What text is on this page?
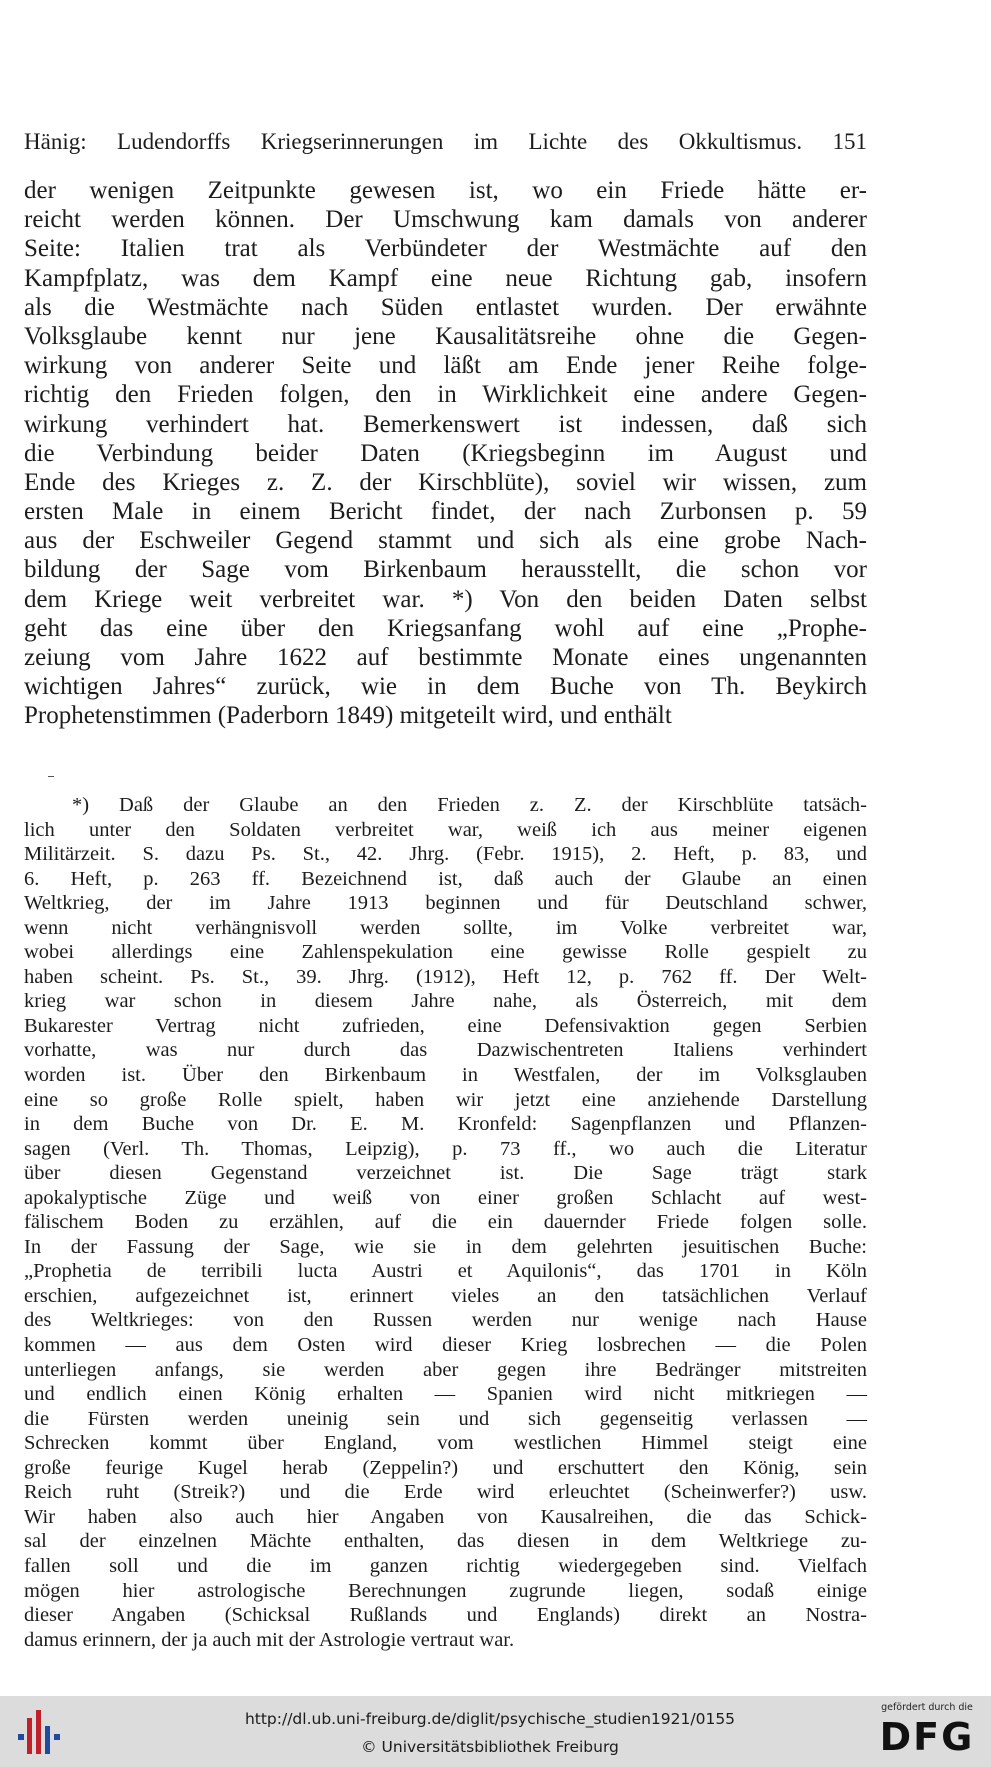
Hänig: Ludendorffs Kriegserinnerungen im Lichte des Okkultismus. 151
der wenigen Zeitpunkte gewesen ist, wo ein Friede hätte er-
reicht werden können. Der Umschwung kam damals von anderer
Seite: Italien trat als Verbündeter der Westmächte auf den
Kampfplatz, was dem Kampf eine neue Richtung gab, insofern
als die Westmächte nach Süden entlastet wurden. Der erwähnte
Volksglaube kennt nur jene Kausalitätsreihe ohne die Gegen-
wirkung von anderer Seite und läßt am Ende jener Reihe folge-
richtig den Frieden folgen, den in Wirklichkeit eine andere Gegen-
wirkung verhindert hat. Bemerkenswert ist indessen, daß sich
die Verbindung beider Daten (Kriegsbeginn im August und
Ende des Krieges z. Z. der Kirschblüte), soviel wir wissen, zum
ersten Male in einem Bericht findet, der nach Zurbonsen p. 59
aus der Eschweiler Gegend stammt und sich als eine grobe Nach-
bildung der Sage vom Birkenbaum herausstellt, die schon vor
dem Kriege weit verbreitet war. *) Von den beiden Daten selbst
geht das eine über den Kriegsanfang wohl auf eine „Prophe-
zeiung vom Jahre 1622 auf bestimmte Monate eines ungenannten
wichtigen Jahres“ zurück, wie in dem Buche von Th. Beykirch
Prophetenstimmen (Paderborn 1849) mitgeteilt wird, und enthält
*) Daß der Glaube an den Frieden z. Z. der Kirschblüte tatsäch-
lich unter den Soldaten verbreitet war, weiß ich aus meiner eigenen
Militärzeit. S. dazu Ps. St., 42. Jhrg. (Febr. 1915), 2. Heft, p. 83, und
6. Heft, p. 263 ff. Bezeichnend ist, daß auch der Glaube an einen
Weltkrieg, der im Jahre 1913 beginnen und für Deutschland schwer,
wenn nicht verhängnisvoll werden sollte, im Volke verbreitet war,
wobei allerdings eine Zahlenspekulation eine gewisse Rolle gespielt zu
haben scheint. Ps. St., 39. Jhrg. (1912), Heft 12, p. 762 ff. Der Welt-
krieg war schon in diesem Jahre nahe, als Österreich, mit dem
Bukarester Vertrag nicht zufrieden, eine Defensivaktion gegen Serbien
vorhatte, was nur durch das Dazwischentreten Italiens verhindert
worden ist. Über den Birkenbaum in Westfalen, der im Volksglauben
eine so große Rolle spielt, haben wir jetzt eine anziehende Darstellung
in dem Buche von Dr. E. M. Kronfeld: Sagenpflanzen und Pflanzen-
sagen (Verl. Th. Thomas, Leipzig), p. 73 ff., wo auch die Literatur
über diesen Gegenstand verzeichnet ist. Die Sage trägt stark
apokalyptische Züge und weiß von einer großen Schlacht auf west-
fälischem Boden zu erzählen, auf die ein dauernder Friede folgen solle.
In der Fassung der Sage, wie sie in dem gelehrten jesuitischen Buche:
„Prophetia de terribili lucta Austri et Aquilonis“, das 1701 in Köln
erschien, aufgezeichnet ist, erinnert vieles an den tatsächlichen Verlauf
des Weltkrieges: von den Russen werden nur wenige nach Hause
kommen — aus dem Osten wird dieser Krieg losbrechen — die Polen
unterliegen anfangs, sie werden aber gegen ihre Bedränger mitstreiten
und endlich einen König erhalten — Spanien wird nicht mitkriegen —
die Fürsten werden uneinig sein und sich gegenseitig verlassen —
Schrecken kommt über England, vom westlichen Himmel steigt eine
große feurige Kugel herab (Zeppelin?) und erschuttert den König, sein
Reich ruht (Streik?) und die Erde wird erleuchtet (Scheinwerfer?) usw.
Wir haben also auch hier Angaben von Kausalreihen, die das Schick-
sal der einzelnen Mächte enthalten, das diesen in dem Weltkriege zu-
fallen soll und die im ganzen richtig wiedergegeben sind. Vielfach
mögen hier astrologische Berechnungen zugrunde liegen, sodaß einige
dieser Angaben (Schicksal Rußlands und Englands) direkt an Nostra-
damus erinnern, der ja auch mit der Astrologie vertraut war.
http://dl.ub.uni-freiburg.de/diglit/psychische_studien1921/0155
© Universitätsbibliothek Freiburg
gefördert durch die
DFG
